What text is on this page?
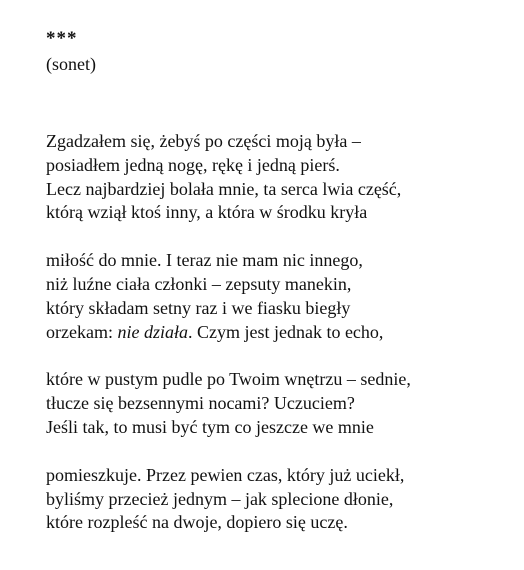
***

(sonet)

Zgadzałem się, żebyś po części moją była –
posiadłem jedną nogę, rękę i jedną pierś.
Lecz najbardziej bolała mnie, ta serca lwia część,
którą wziął ktoś inny, a która w środku kryła
miłość do mnie. I teraz nie mam nic innego,
niż luźne ciała członki – zepsuty manekin,
który składam setny raz i we fiasku biegły
orzekam: nie działa. Czym jest jednak to echo,
które w pustym pudle po Twoim wnętrzu – sednie,
tłucze się bezsennymi nocami? Uczuciem?
Jeśli tak, to musi być tym co jeszcze we mnie
pomieszkuje. Przez pewien czas, który już uciekł,
byliśmy przecież jednym – jak splecione dłonie,
które rozpleść na dwoje, dopiero się uczę.
